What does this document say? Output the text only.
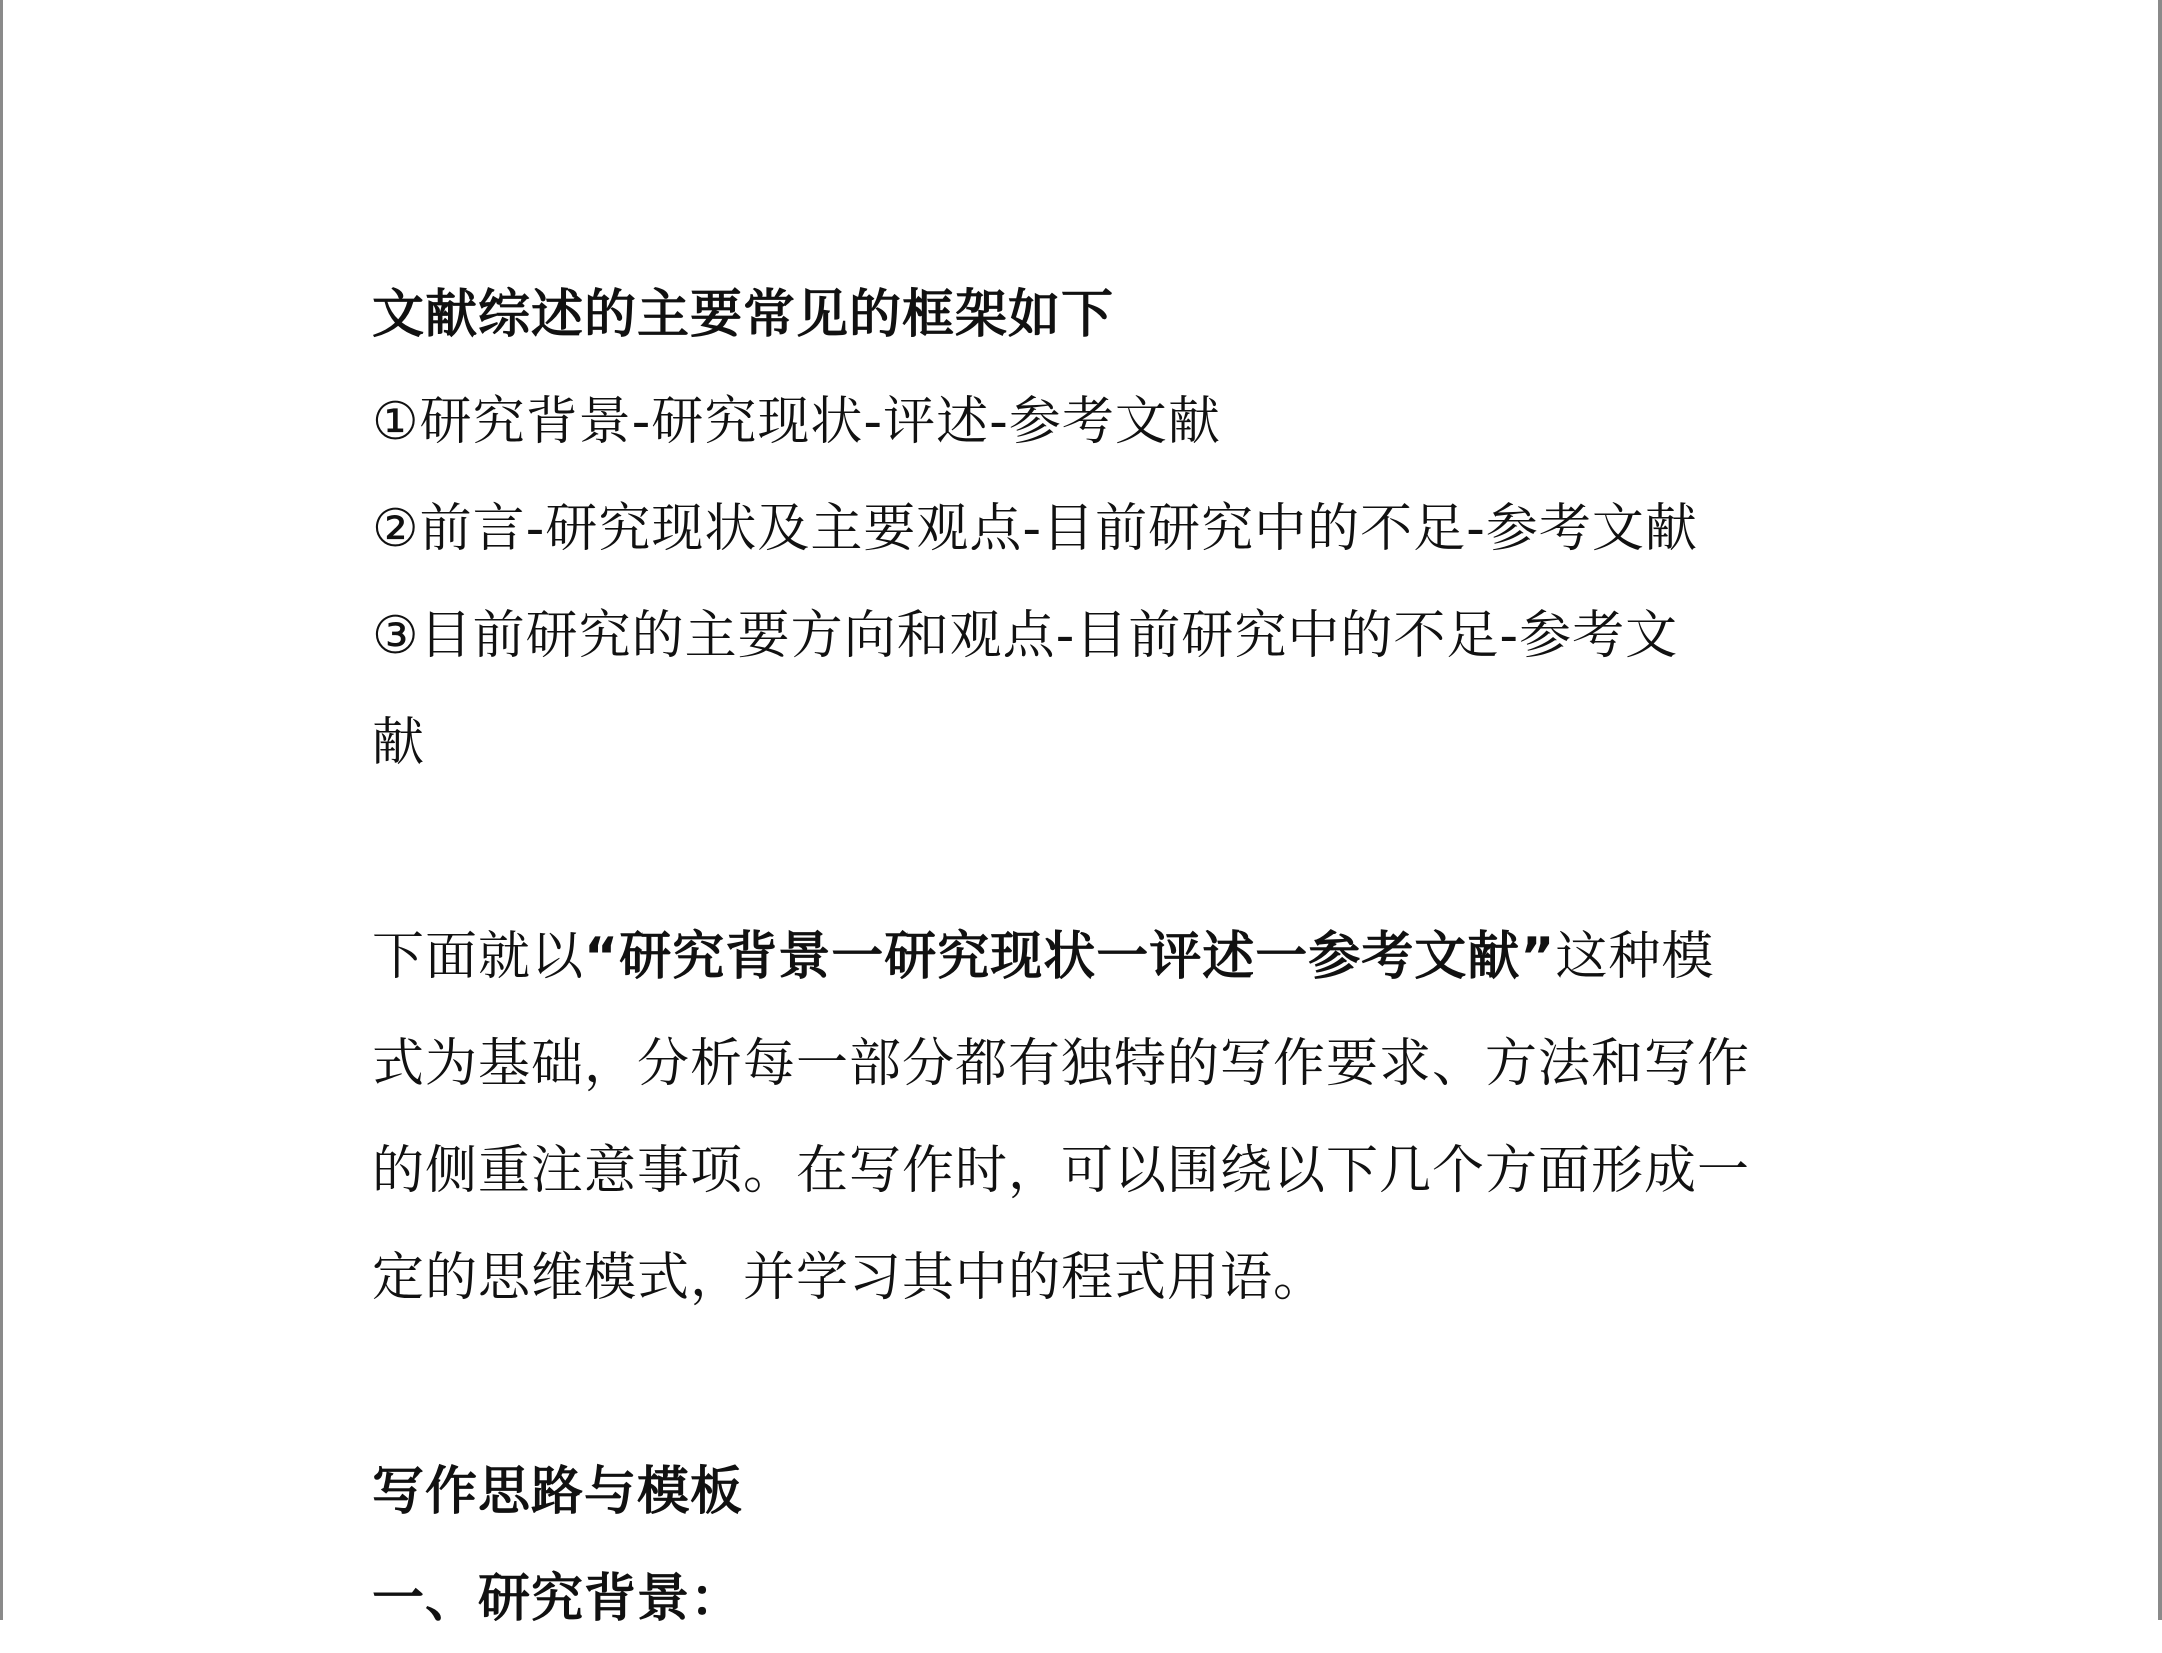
文献综述的主要常见的框架如下
①研究背景-研究现状-评述-参考文献
②前言-研究现状及主要观点-目前研究中的不足-参考文献
③目前研究的主要方向和观点-目前研究中的不足-参考文
献
下面就以“研究背景一研究现状一评述一参考文献”这种模
式为基础，分析每一部分都有独特的写作要求、方法和写作
的侧重注意事项。在写作时，可以围绕以下几个方面形成一
定的思维模式，并学习其中的程式用语。
写作思路与模板
一、研究背景：
